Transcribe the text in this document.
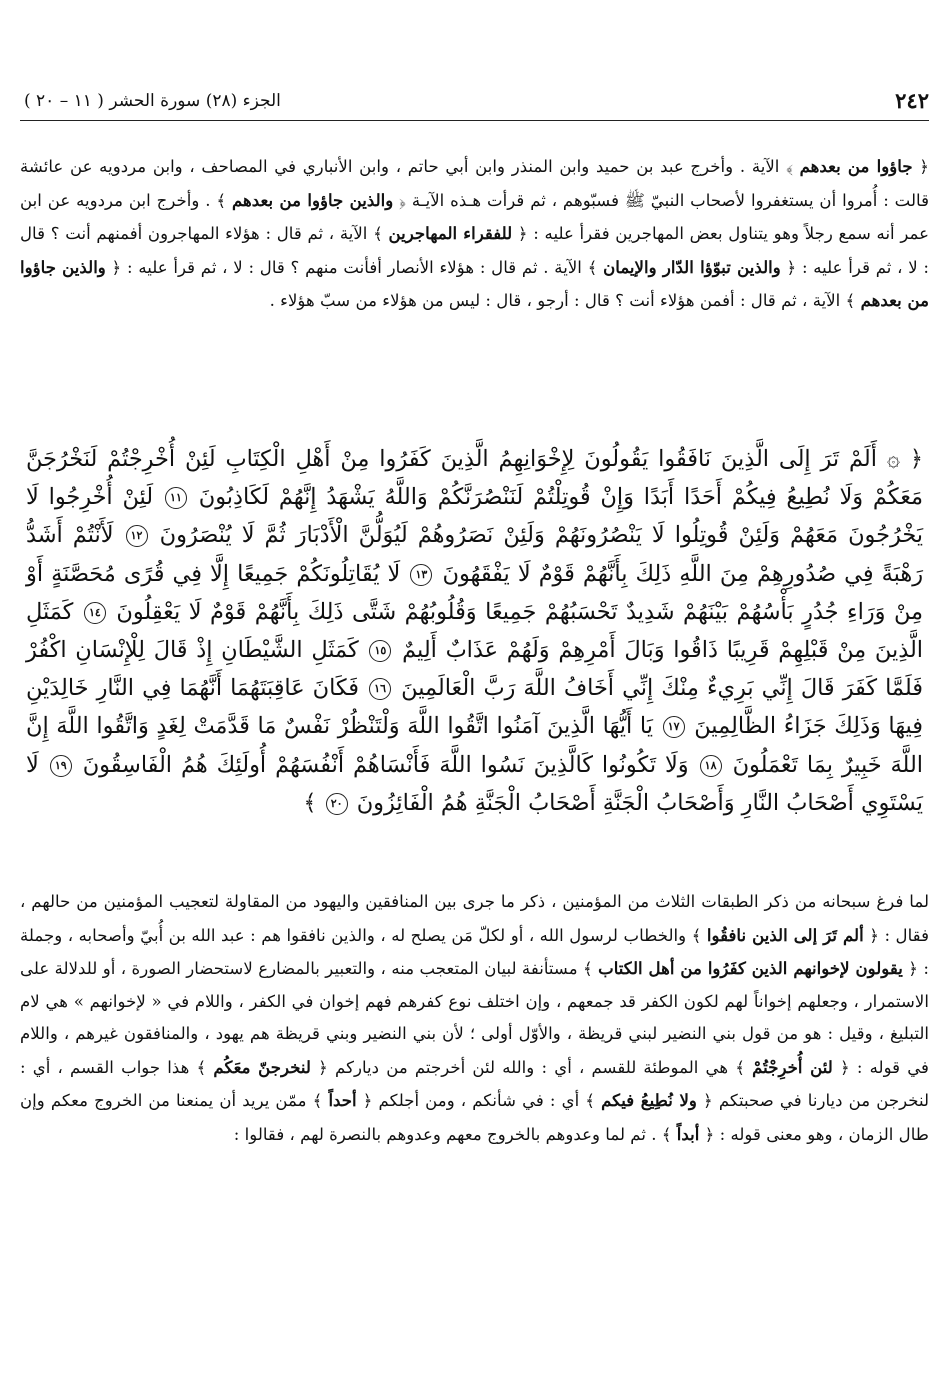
٢٤٢
الجزء (٢٨) سورة الحشر ( ١١ – ٢٠ )

﴿ جاؤوا من بعدهم ﴾ الآية . وأخرج عبد بن حميد وابن المنذر وابن أبي حاتم ، وابن الأنباري في المصاحف ، وابن مردويه عن عائشة قالت : أُمروا أن يستغفروا لأصحاب النبيّ ﷺ فسبّوهم ، ثم قرأت هـذه الآيـة ﴿ والذين جاؤوا من بعدهم ﴾ . وأخرج ابن مردويه عن ابن عمر أنه سمع رجلاً وهو يتناول بعض المهاجرين فقرأ عليه : ﴿ للفقراء المهاجرين ﴾ الآية ، ثم قال : هؤلاء المهاجرون أفمنهم أنت ؟ قال : لا ، ثم قرأ عليه : ﴿ والذين تبوّؤا الدّار والإيمان ﴾ الآية . ثم قال : هؤلاء الأنصار أفأنت منهم ؟ قال : لا ، ثم قرأ عليه : ﴿ والذين جاؤوا من بعدهم ﴾ الآية ، ثم قال : أفمن هؤلاء أنت ؟ قال : أرجو ، قال : ليس من هؤلاء من سبّ هؤلاء .

﴿ ۞ أَلَمْ تَرَ إِلَى الَّذِينَ نَافَقُوا يَقُولُونَ لِإِخْوَانِهِمُ الَّذِينَ كَفَرُوا مِنْ أَهْلِ الْكِتَابِ لَئِنْ أُخْرِجْتُمْ لَنَخْرُجَنَّ مَعَكُمْ وَلَا نُطِيعُ فِيكُمْ أَحَدًا أَبَدًا وَإِنْ قُوتِلْتُمْ لَنَنْصُرَنَّكُمْ وَاللَّهُ يَشْهَدُ إِنَّهُمْ لَكَاذِبُونَ ١١ لَئِنْ أُخْرِجُوا لَا يَخْرُجُونَ مَعَهُمْ وَلَئِنْ قُوتِلُوا لَا يَنْصُرُونَهُمْ وَلَئِنْ نَصَرُوهُمْ لَيُوَلُّنَّ الْأَدْبَارَ ثُمَّ لَا يُنْصَرُونَ ١٢ لَأَنْتُمْ أَشَدُّ رَهْبَةً فِي صُدُورِهِمْ مِنَ اللَّهِ ذَلِكَ بِأَنَّهُمْ قَوْمٌ لَا يَفْقَهُونَ ١٣ لَا يُقَاتِلُونَكُمْ جَمِيعًا إِلَّا فِي قُرًى مُحَصَّنَةٍ أَوْ مِنْ وَرَاءِ جُدُرٍ بَأْسُهُمْ بَيْنَهُمْ شَدِيدٌ تَحْسَبُهُمْ جَمِيعًا وَقُلُوبُهُمْ شَتَّى ذَلِكَ بِأَنَّهُمْ قَوْمٌ لَا يَعْقِلُونَ ١٤ كَمَثَلِ الَّذِينَ مِنْ قَبْلِهِمْ قَرِيبًا ذَاقُوا وَبَالَ أَمْرِهِمْ وَلَهُمْ عَذَابٌ أَلِيمٌ ١٥ كَمَثَلِ الشَّيْطَانِ إِذْ قَالَ لِلْإِنْسَانِ اكْفُرْ فَلَمَّا كَفَرَ قَالَ إِنِّي بَرِيءٌ مِنْكَ إِنِّي أَخَافُ اللَّهَ رَبَّ الْعَالَمِينَ ١٦ فَكَانَ عَاقِبَتَهُمَا أَنَّهُمَا فِي النَّارِ خَالِدَيْنِ فِيهَا وَذَلِكَ جَزَاءُ الظَّالِمِينَ ١٧ يَا أَيُّهَا الَّذِينَ آمَنُوا اتَّقُوا اللَّهَ وَلْتَنْظُرْ نَفْسٌ مَا قَدَّمَتْ لِغَدٍ وَاتَّقُوا اللَّهَ إِنَّ اللَّهَ خَبِيرٌ بِمَا تَعْمَلُونَ ١٨ وَلَا تَكُونُوا كَالَّذِينَ نَسُوا اللَّهَ فَأَنْسَاهُمْ أَنْفُسَهُمْ أُولَئِكَ هُمُ الْفَاسِقُونَ ١٩ لَا يَسْتَوِي أَصْحَابُ النَّارِ وَأَصْحَابُ الْجَنَّةِ أَصْحَابُ الْجَنَّةِ هُمُ الْفَائِزُونَ ٢٠ ﴾

لما فرغ سبحانه من ذكر الطبقات الثلاث من المؤمنين ، ذكر ما جرى بين المنافقين واليهود من المقاولة لتعجيب المؤمنين من حالهم ، فقال : ﴿ ألم تَرَ إلى الذين نافقُوا ﴾ والخطاب لرسول الله ، أو لكلّ مَن يصلح له ، والذين نافقوا هم : عبد الله بن أُبيّ وأصحابه ، وجملة : ﴿ يقولون لإخوانهم الذين كفَرُوا من أهل الكتاب ﴾ مستأنفة لبيان المتعجب منه ، والتعبير بالمضارع لاستحضار الصورة ، أو للدلالة على الاستمرار ، وجعلهم إخواناً لهم لكون الكفر قد جمعهم ، وإن اختلف نوع كفرهم فهم إخوان في الكفر ، واللام في « لإخوانهم » هي لام التبليغ ، وقيل : هو من قول بني النضير لبني قريظة ، والأوّل أولى ؛ لأن بني النضير وبني قريظة هم يهود ، والمنافقون غيرهم ، واللام في قوله : ﴿ لئن أُخرِجْتُمْ ﴾ هي الموطئة للقسم ، أي : والله لئن أخرجتم من دياركم ﴿ لنخرجنّ معَكُم ﴾ هذا جواب القسم ، أي : لنخرجن من ديارنا في صحبتكم ﴿ ولا نُطِيعُ فيكم ﴾ أي : في شأنكم ، ومن أجلكم ﴿ أحداً ﴾ ممّن يريد أن يمنعنا من الخروج معكم وإن طال الزمان ، وهو معنى قوله : ﴿ أبداً ﴾ . ثم لما وعدوهم بالخروج معهم وعدوهم بالنصرة لهم ، فقالوا :
